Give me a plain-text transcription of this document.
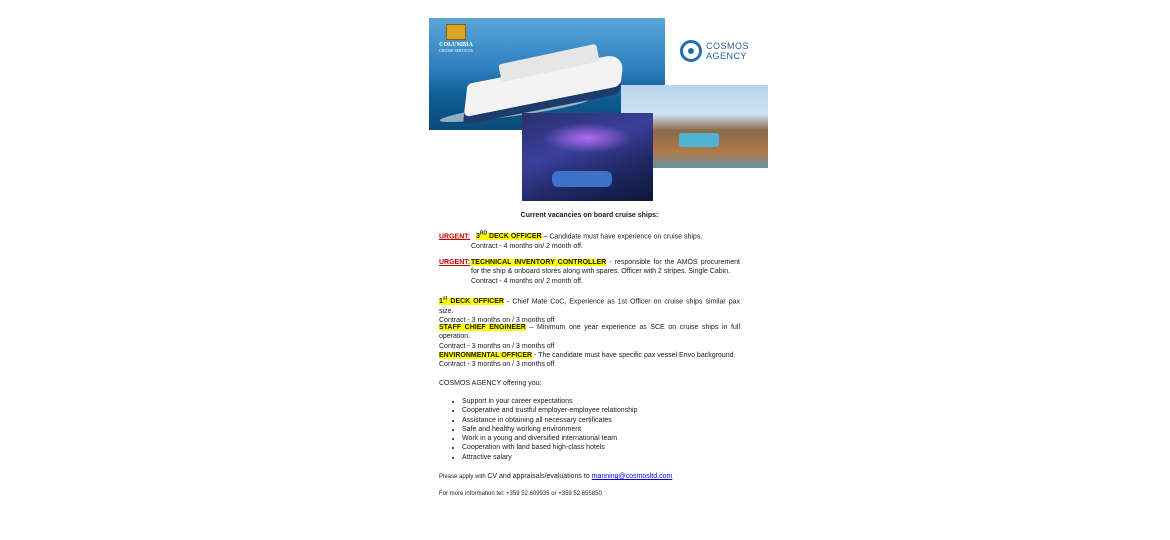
COLUMBIA
CRUISE SERVICES	COSMOS
AGENCY
Current vacancies on board cruise ships:
URGENT: 3RD DECK OFFICER – Candidate must have experience on cruise ships.
Contract - 4 months on/ 2 month off.
URGENT: TECHNICAL INVENTORY CONTROLLER - responsible for the AMOS procurement for the ship & onboard stores along with spares. Officer with 2 stripes. Single Cabin.
Contract - 4 months on/ 2 month off.
1st DECK OFFICER - Chief Mate CoC, Experience as 1st Officer on cruise ships similar pax size.
Contract - 3 months on / 3 months off
STAFF CHIEF ENGINEER – Minimum one year experience as SCE on cruise ships in full operation.
Contract - 3 months on / 3 months off
ENVIRONMENTAL OFFICER - The candidate must have specific pax vessel Envo background.
Contract - 3 months on / 3 months off
COSMOS AGENCY offering you:
• Support in your career expectations
• Cooperative and trustful employer-employee relationship
• Assistance in obtaining all necessary certificates
• Safe and healthy working environment
• Work in a young and diversified international team
• Cooperation with land based high-class hotels
• Attractive salary
Please apply with CV and appraisals/evaluations to manning@cosmosltd.com
For more information tel: +359 52 609935 or +359 52 655850
